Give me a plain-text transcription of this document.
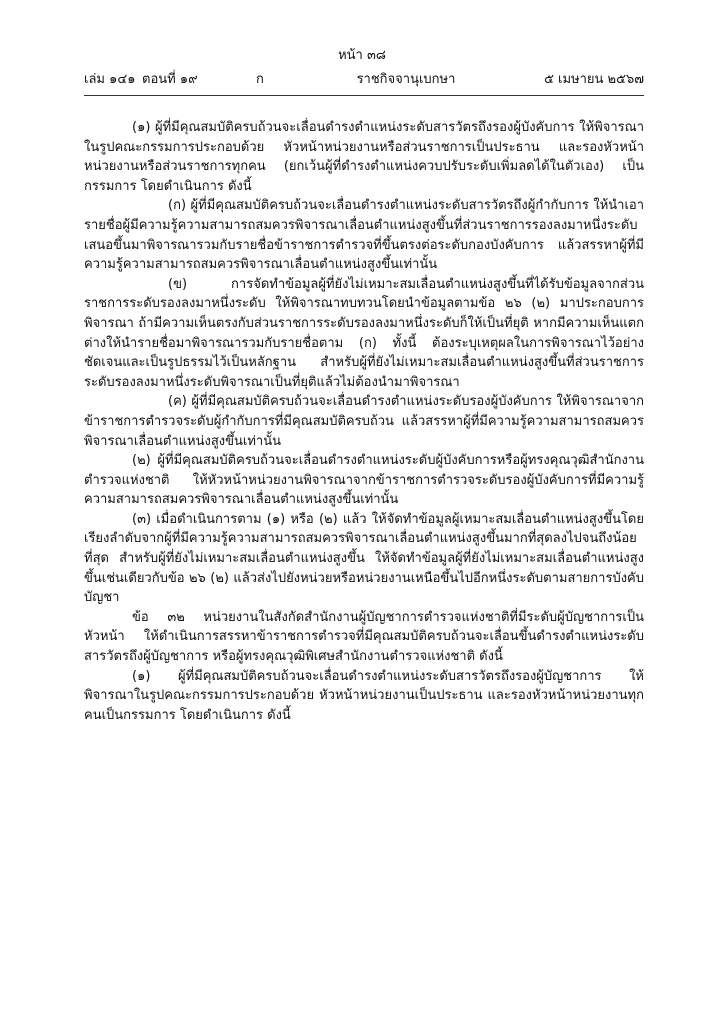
หน้า ๓๘
เล่ม ๑๔๑ ตอนที่ ๑๙	ก	ราชกิจจานุเบกษา	๕ เมษายน ๒๕๖๗

(๑) ผู้ที่มีคุณสมบัติครบถ้วนจะเลื่อนดำรงตำแหน่งระดับสารวัตรถึงรองผู้บังคับการ ให้พิจารณาในรูปคณะกรรมการประกอบด้วย หัวหน้าหน่วยงานหรือส่วนราชการเป็นประธาน และรองหัวหน้าหน่วยงานหรือส่วนราชการทุกคน (ยกเว้นผู้ที่ดำรงตำแหน่งควบปรับระดับเพิ่มลดได้ในตัวเอง) เป็นกรรมการ โดยดำเนินการ ดังนี้

(ก) ผู้ที่มีคุณสมบัติครบถ้วนจะเลื่อนดำรงตำแหน่งระดับสารวัตรถึงผู้กำกับการ ให้นำเอารายชื่อผู้มีความรู้ความสามารถสมควรพิจารณาเลื่อนตำแหน่งสูงขึ้นที่ส่วนราชการรองลงมาหนึ่งระดับเสนอขึ้นมาพิจารณารวมกับรายชื่อข้าราชการตำรวจที่ขึ้นตรงต่อระดับกองบังคับการ แล้วสรรหาผู้ที่มีความรู้ความสามารถสมควรพิจารณาเลื่อนตำแหน่งสูงขึ้นเท่านั้น

(ข) การจัดทำข้อมูลผู้ที่ยังไม่เหมาะสมเลื่อนตำแหน่งสูงขึ้นที่ได้รับข้อมูลจากส่วนราชการระดับรองลงมาหนึ่งระดับ ให้พิจารณาทบทวนโดยนำข้อมูลตามข้อ ๒๖ (๒) มาประกอบการพิจารณา ถ้ามีความเห็นตรงกับส่วนราชการระดับรองลงมาหนึ่งระดับก็ให้เป็นที่ยุติ หากมีความเห็นแตกต่างให้นำรายชื่อมาพิจารณารวมกับรายชื่อตาม (ก) ทั้งนี้ ต้องระบุเหตุผลในการพิจารณาไว้อย่างชัดเจนและเป็นรูปธรรมไว้เป็นหลักฐาน สำหรับผู้ที่ยังไม่เหมาะสมเลื่อนตำแหน่งสูงขึ้นที่ส่วนราชการระดับรองลงมาหนึ่งระดับพิจารณาเป็นที่ยุติแล้วไม่ต้องนำมาพิจารณา

(ค) ผู้ที่มีคุณสมบัติครบถ้วนจะเลื่อนดำรงตำแหน่งระดับรองผู้บังคับการ ให้พิจารณาจากข้าราชการตำรวจระดับผู้กำกับการที่มีคุณสมบัติครบถ้วน แล้วสรรหาผู้ที่มีความรู้ความสามารถสมควรพิจารณาเลื่อนตำแหน่งสูงขึ้นเท่านั้น

(๒) ผู้ที่มีคุณสมบัติครบถ้วนจะเลื่อนดำรงตำแหน่งระดับผู้บังคับการหรือผู้ทรงคุณวุฒิสำนักงานตำรวจแห่งชาติ ให้หัวหน้าหน่วยงานพิจารณาจากข้าราชการตำรวจระดับรองผู้บังคับการที่มีความรู้ความสามารถสมควรพิจารณาเลื่อนตำแหน่งสูงขึ้นเท่านั้น

(๓) เมื่อดำเนินการตาม (๑) หรือ (๒) แล้ว ให้จัดทำข้อมูลผู้เหมาะสมเลื่อนตำแหน่งสูงขึ้นโดยเรียงลำดับจากผู้ที่มีความรู้ความสามารถสมควรพิจารณาเลื่อนตำแหน่งสูงขึ้นมากที่สุดลงไปจนถึงน้อยที่สุด สำหรับผู้ที่ยังไม่เหมาะสมเลื่อนตำแหน่งสูงขึ้น ให้จัดทำข้อมูลผู้ที่ยังไม่เหมาะสมเลื่อนตำแหน่งสูงขึ้นเช่นเดียวกับข้อ ๒๖ (๒) แล้วส่งไปยังหน่วยหรือหน่วยงานเหนือขึ้นไปอีกหนึ่งระดับตามสายการบังคับบัญชา

ข้อ ๓๒ หน่วยงานในสังกัดสำนักงานผู้บัญชาการตำรวจแห่งชาติที่มีระดับผู้บัญชาการเป็นหัวหน้า ให้ดำเนินการสรรหาข้าราชการตำรวจที่มีคุณสมบัติครบถ้วนจะเลื่อนขึ้นดำรงตำแหน่งระดับสารวัตรถึงผู้บัญชาการ หรือผู้ทรงคุณวุฒิพิเศษสำนักงานตำรวจแห่งชาติ ดังนี้

(๑) ผู้ที่มีคุณสมบัติครบถ้วนจะเลื่อนดำรงตำแหน่งระดับสารวัตรถึงรองผู้บัญชาการ ให้พิจารณาในรูปคณะกรรมการประกอบด้วย หัวหน้าหน่วยงานเป็นประธาน และรองหัวหน้าหน่วยงานทุกคนเป็นกรรมการ โดยดำเนินการ ดังนี้
